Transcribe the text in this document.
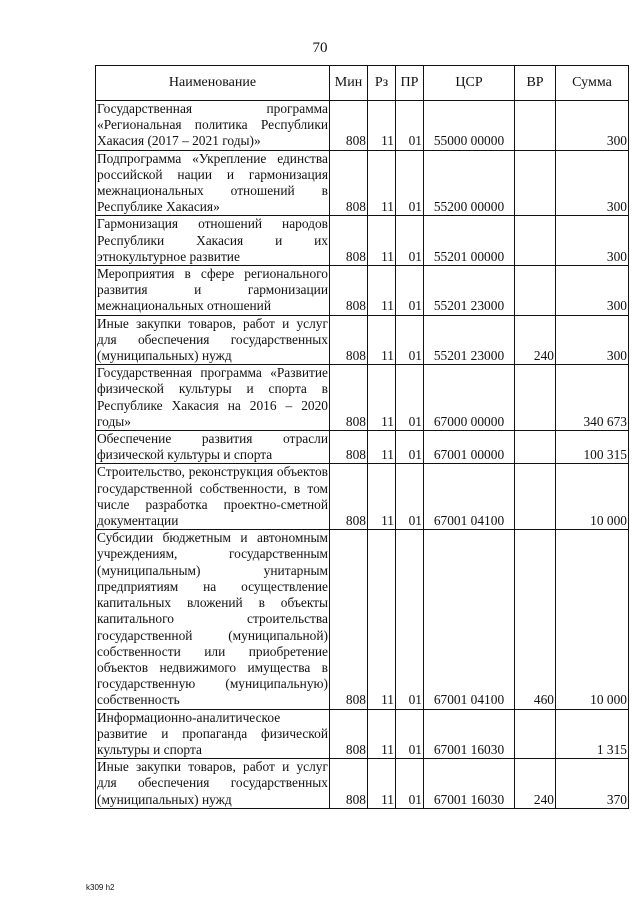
70
Наименование	Мин	Рз	ПР	ЦСР	ВР	Сумма
Государственная программа «Региональная политика Республики Хакасия (2017 – 2021 годы)»	808	11	01	55000 00000		300
Подпрограмма «Укрепление единства российской нации и гармонизация межнациональных отношений в Республике Хакасия»	808	11	01	55200 00000		300
Гармонизация отношений народов Республики Хакасия и их этнокультурное развитие	808	11	01	55201 00000		300
Мероприятия в сфере регионального развития и гармонизации межнациональных отношений	808	11	01	55201 23000		300
Иные закупки товаров, работ и услуг для обеспечения государственных (муниципальных) нужд	808	11	01	55201 23000	240	300
Государственная программа «Развитие физической культуры и спорта в Республике Хакасия на 2016 – 2020 годы»	808	11	01	67000 00000		340 673
Обеспечение развития отрасли физической культуры и спорта	808	11	01	67001 00000		100 315
Строительство, реконструкция объектов государственной собственности, в том числе разработка проектно-сметной документации	808	11	01	67001 04100		10 000
Субсидии бюджетным и автономным учреждениям, государственным (муниципальным) унитарным предприятиям на осуществление капитальных вложений в объекты капитального строительства государственной (муниципальной) собственности или приобретение объектов недвижимого имущества в государственную (муниципальную) собственность	808	11	01	67001 04100	460	10 000
Информационно-аналитическое развитие и пропаганда физической культуры и спорта	808	11	01	67001 16030		1 315
Иные закупки товаров, работ и услуг для обеспечения государственных (муниципальных) нужд	808	11	01	67001 16030	240	370
k309 h2
